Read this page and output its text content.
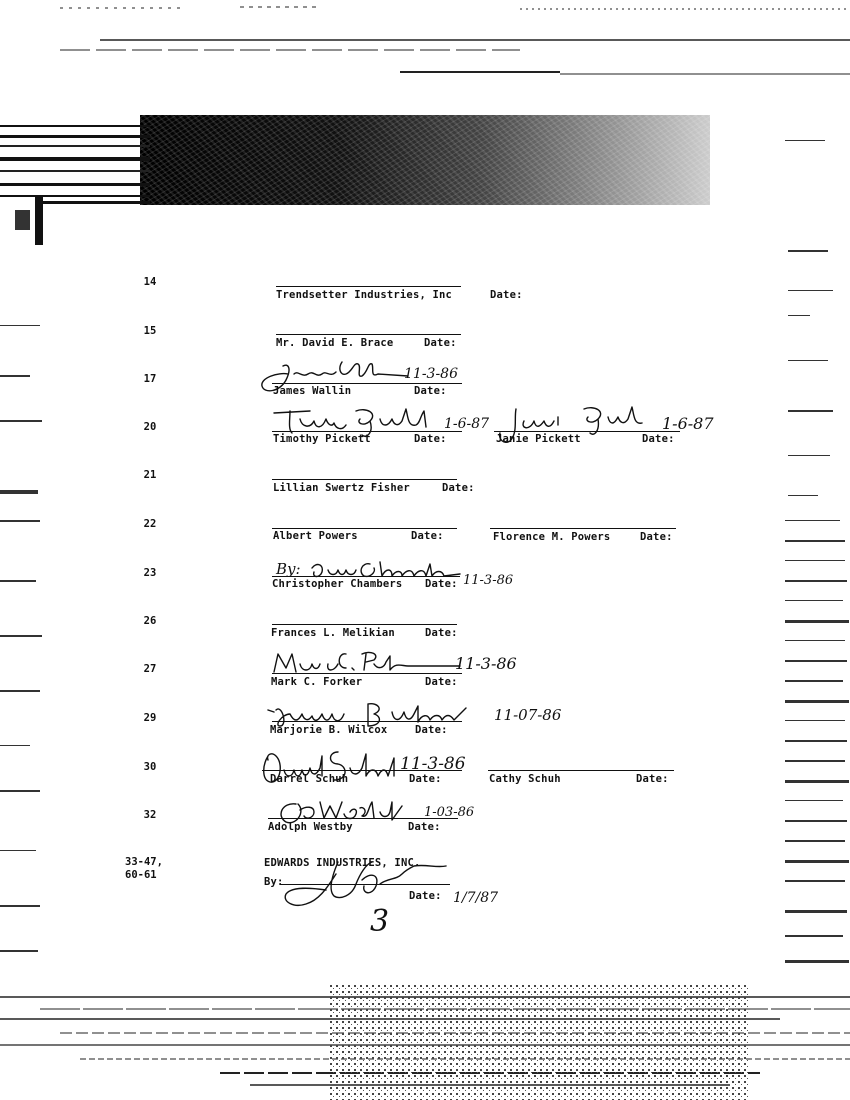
14
15
17
20
21
22
23
26
27
29
30
32
33-47,
60-61
Trendsetter Industries, Inc	Date:
Mr. David E. Brace	Date:
James Wallin	Date:
Timothy Pickett	Date:	Janie Pickett	Date:
Lillian Swertz Fisher	Date:
Albert Powers	Date:	Florence M. Powers	Date:
Christopher Chambers Date:
Frances L. Melikian	Date:
Mark C. Forker	Date:
Marjorie B. Wilcox	Date:
Darrel Schuh	Date:	Cathy Schuh	Date:
Adolph Westby	Date:
EDWARDS INDUSTRIES, INC.
By:
Date:
11-3-86
1-6-87	1-6-87
By:
11-3-86
11-3-86
11-07-86
11-3-86
1-03-86
1/7/87
3
